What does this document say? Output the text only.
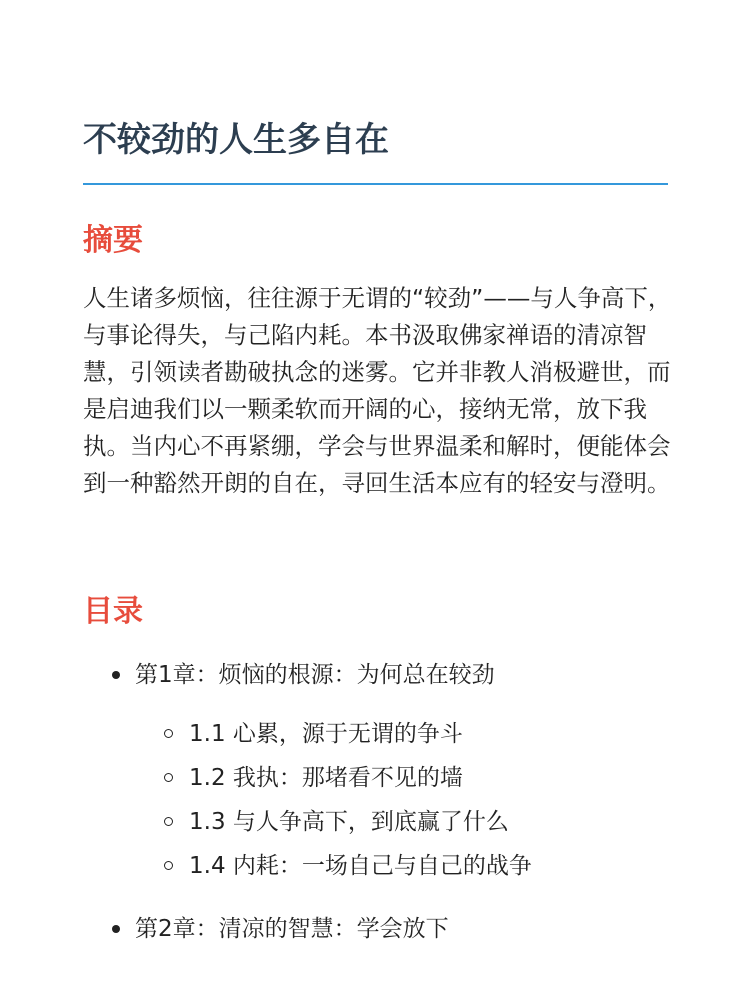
不较劲的人生多自在
摘要

人生诸多烦恼，往往源于无谓的“较劲”——与人争高下，与事论得失，与己陷内耗。本书汲取佛家禅语的清凉智慧，引领读者勘破执念的迷雾。它并非教人消极避世，而是启迪我们以一颗柔软而开阔的心，接纳无常，放下我执。当内心不再紧绷，学会与世界温柔和解时，便能体会到一种豁然开朗的自在，寻回生活本应有的轻安与澄明。

目录
第1章：烦恼的根源：为何总在较劲
1.1 心累，源于无谓的争斗
1.2 我执：那堵看不见的墙
1.3 与人争高下，到底赢了什么
1.4 内耗：一场自己与自己的战争
第2章：清凉的智慧：学会放下
